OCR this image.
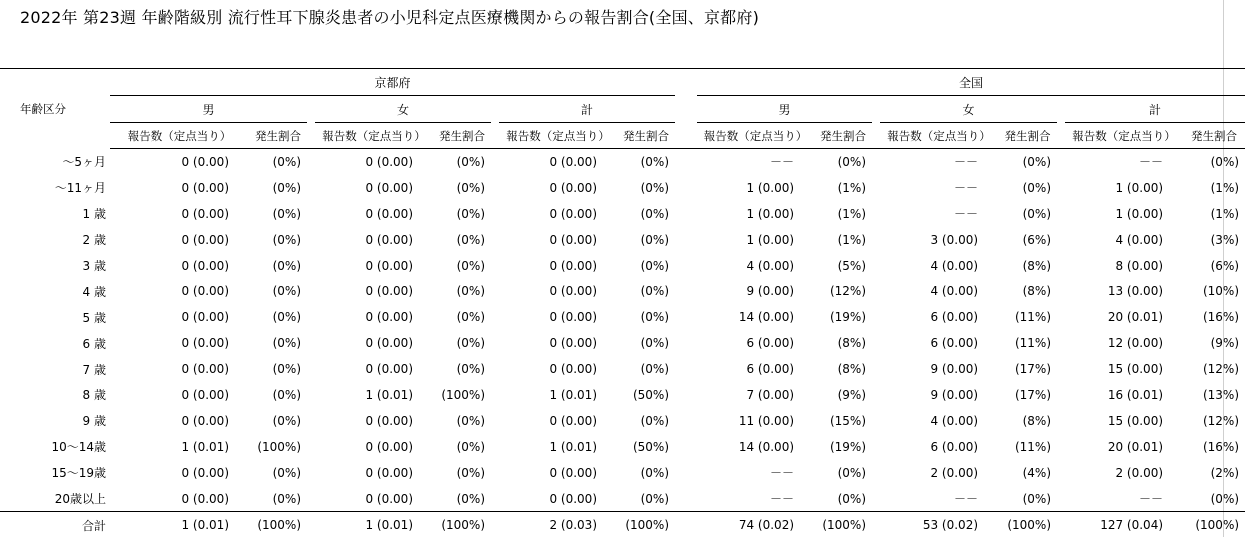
2022年 第23週 年齢階級別 流行性耳下腺炎患者の小児科定点医療機関からの報告割合(全国、京都府)
年齢区分	京都府									全国							
	男			女			計			男			女			計	
	報告数（定点当り）	発生割合		報告数（定点当り）	発生割合		報告数（定点当り）	発生割合		報告数（定点当り）	発生割合		報告数（定点当り）	発生割合		報告数（定点当り）	発生割合
～5ヶ月	0 (0.00)	(0%)		0 (0.00)	(0%)		0 (0.00)	(0%)		－－	(0%)		－－	(0%)		－－	(0%)
～11ヶ月	0 (0.00)	(0%)		0 (0.00)	(0%)		0 (0.00)	(0%)		1 (0.00)	(1%)		－－	(0%)		1 (0.00)	(1%)
1 歳	0 (0.00)	(0%)		0 (0.00)	(0%)		0 (0.00)	(0%)		1 (0.00)	(1%)		－－	(0%)		1 (0.00)	(1%)
2 歳	0 (0.00)	(0%)		0 (0.00)	(0%)		0 (0.00)	(0%)		1 (0.00)	(1%)		3 (0.00)	(6%)		4 (0.00)	(3%)
3 歳	0 (0.00)	(0%)		0 (0.00)	(0%)		0 (0.00)	(0%)		4 (0.00)	(5%)		4 (0.00)	(8%)		8 (0.00)	(6%)
4 歳	0 (0.00)	(0%)		0 (0.00)	(0%)		0 (0.00)	(0%)		9 (0.00)	(12%)		4 (0.00)	(8%)		13 (0.00)	(10%)
5 歳	0 (0.00)	(0%)		0 (0.00)	(0%)		0 (0.00)	(0%)		14 (0.00)	(19%)		6 (0.00)	(11%)		20 (0.01)	(16%)
6 歳	0 (0.00)	(0%)		0 (0.00)	(0%)		0 (0.00)	(0%)		6 (0.00)	(8%)		6 (0.00)	(11%)		12 (0.00)	(9%)
7 歳	0 (0.00)	(0%)		0 (0.00)	(0%)		0 (0.00)	(0%)		6 (0.00)	(8%)		9 (0.00)	(17%)		15 (0.00)	(12%)
8 歳	0 (0.00)	(0%)		1 (0.01)	(100%)		1 (0.01)	(50%)		7 (0.00)	(9%)		9 (0.00)	(17%)		16 (0.01)	(13%)
9 歳	0 (0.00)	(0%)		0 (0.00)	(0%)		0 (0.00)	(0%)		11 (0.00)	(15%)		4 (0.00)	(8%)		15 (0.00)	(12%)
10～14歳	1 (0.01)	(100%)		0 (0.00)	(0%)		1 (0.01)	(50%)		14 (0.00)	(19%)		6 (0.00)	(11%)		20 (0.01)	(16%)
15～19歳	0 (0.00)	(0%)		0 (0.00)	(0%)		0 (0.00)	(0%)		－－	(0%)		2 (0.00)	(4%)		2 (0.00)	(2%)
20歳以上	0 (0.00)	(0%)		0 (0.00)	(0%)		0 (0.00)	(0%)		－－	(0%)		－－	(0%)		－－	(0%)
合計	1 (0.01)	(100%)		1 (0.01)	(100%)		2 (0.03)	(100%)		74 (0.02)	(100%)		53 (0.02)	(100%)		127 (0.04)	(100%)
